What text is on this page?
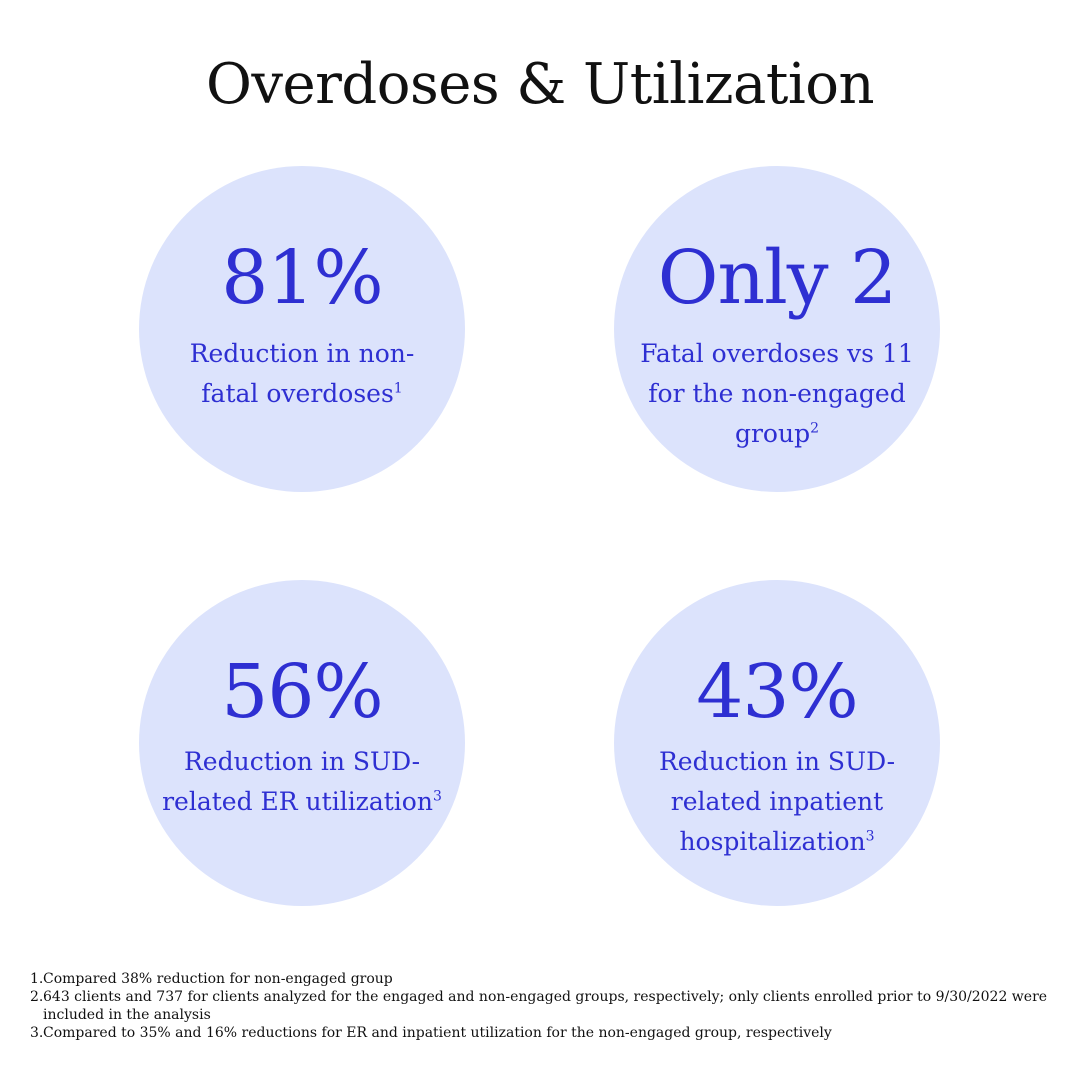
Overdoses & Utilization
81%
Reduction in non-
fatal overdoses$^1$
Only 2
Fatal overdoses vs 11
for the non-engaged
group$^2$
56%
Reduction in SUD-
related ER utilization$^3$
43%
Reduction in SUD-
related inpatient
hospitalization$^3$

1. Compared 38% reduction for non-engaged group

2. 643 clients and 737 for clients analyzed for the engaged and non-engaged groups, respectively; only clients enrolled prior to 9/30/2022 were included in the analysis

3. Compared to 35% and 16% reductions for ER and inpatient utilization for the non-engaged group, respectively
